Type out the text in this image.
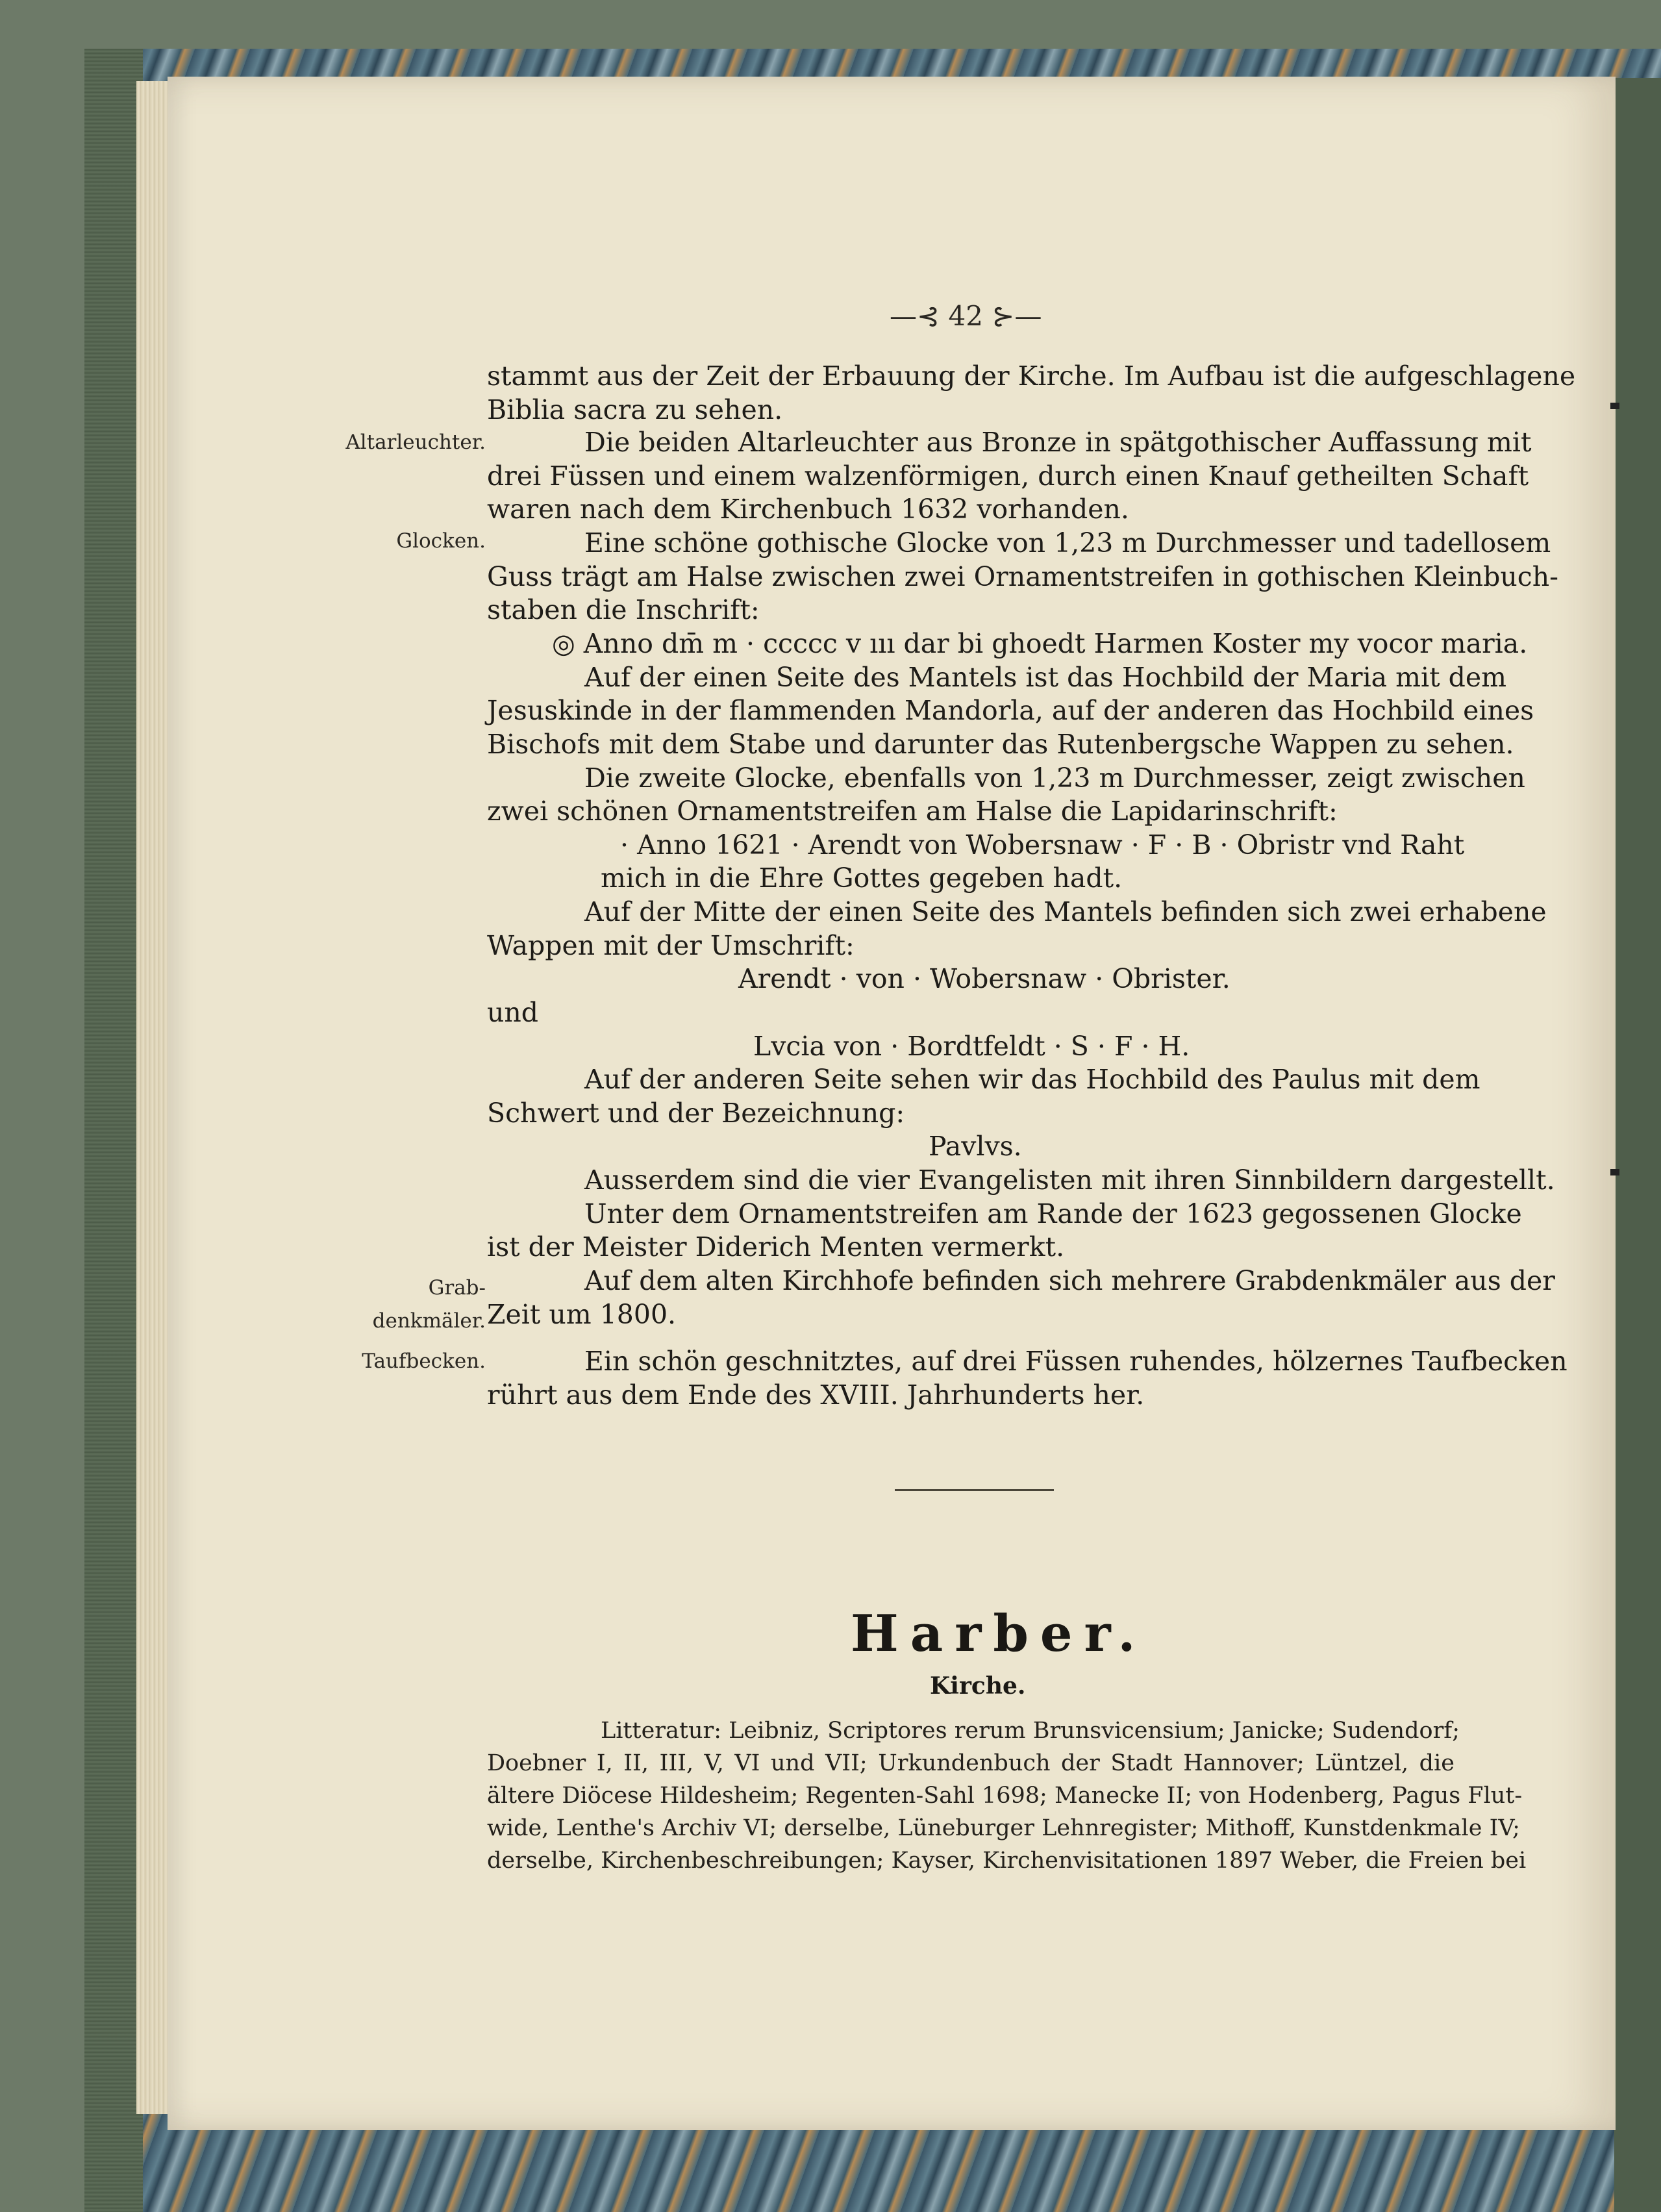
—⊰ 42 ⊱—
Altarleuchter.
Glocken.
Grab-
denkmäler.
Taufbecken.
stammt aus der Zeit der Erbauung der Kirche. Im Aufbau ist die aufgeschlagene
Biblia sacra zu sehen.
Die beiden Altarleuchter aus Bronze in spätgothischer Auffassung mit
drei Füssen und einem walzenförmigen, durch einen Knauf getheilten Schaft
waren nach dem Kirchenbuch 1632 vorhanden.
Eine schöne gothische Glocke von 1,23 m Durchmesser und tadellosem
Guss trägt am Halse zwischen zwei Ornamentstreifen in gothischen Kleinbuch-
staben die Inschrift:
◎ Anno dm̄ m · ccccc v ııı dar bi ghoedt Harmen Koster my vocor maria.
Auf der einen Seite des Mantels ist das Hochbild der Maria mit dem
Jesuskinde in der flammenden Mandorla, auf der anderen das Hochbild eines
Bischofs mit dem Stabe und darunter das Rutenbergsche Wappen zu sehen.
Die zweite Glocke, ebenfalls von 1,23 m Durchmesser, zeigt zwischen
zwei schönen Ornamentstreifen am Halse die Lapidarinschrift:
· Anno 1621 · Arendt von Wobersnaw · F · B · Obristr vnd Raht
mich in die Ehre Gottes gegeben hadt.
Auf der Mitte der einen Seite des Mantels befinden sich zwei erhabene
Wappen mit der Umschrift:
Arendt · von · Wobersnaw · Obrister.
und
Lvcia von · Bordtfeldt · S · F · H.
Auf der anderen Seite sehen wir das Hochbild des Paulus mit dem
Schwert und der Bezeichnung:
Pavlvs.
Ausserdem sind die vier Evangelisten mit ihren Sinnbildern dargestellt.
Unter dem Ornamentstreifen am Rande der 1623 gegossenen Glocke
ist der Meister Diderich Menten vermerkt.
Auf dem alten Kirchhofe befinden sich mehrere Grabdenkmäler aus der
Zeit um 1800.
Ein schön geschnitztes, auf drei Füssen ruhendes, hölzernes Taufbecken
rührt aus dem Ende des XVIII. Jahrhunderts her.
Harber.
Kirche.
Litteratur: Leibniz, Scriptores rerum Brunsvicensium; Janicke; Sudendorf;
Doebner I, II, III, V, VI und VII; Urkundenbuch der Stadt Hannover; Lüntzel, die
ältere Diöcese Hildesheim; Regenten-Sahl 1698; Manecke II; von Hodenberg, Pagus Flut-
wide, Lenthe's Archiv VI; derselbe, Lüneburger Lehnregister; Mithoff, Kunstdenkmale IV;
derselbe, Kirchenbeschreibungen; Kayser, Kirchenvisitationen 1897 Weber, die Freien bei
